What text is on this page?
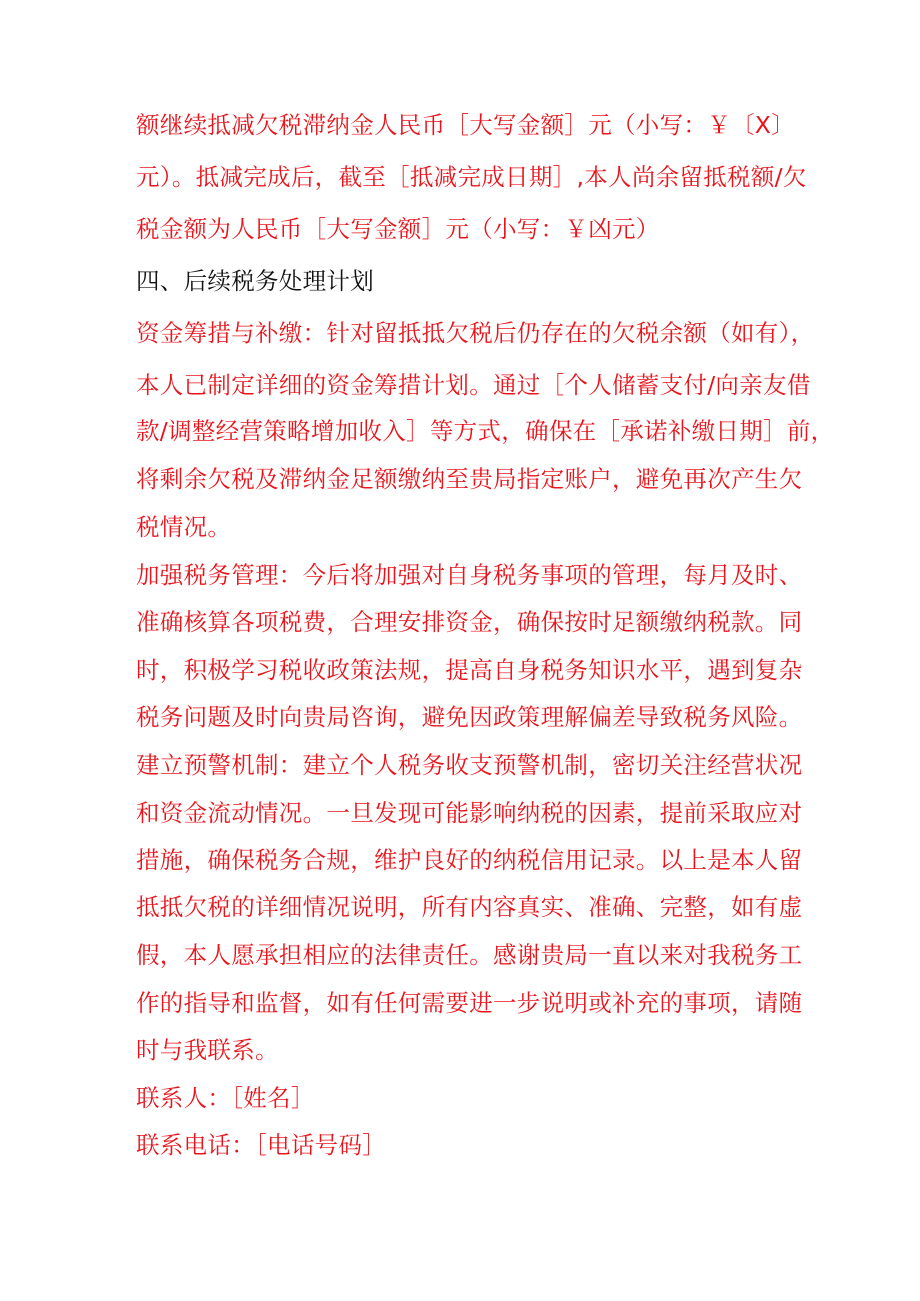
额继续抵减欠税滞纳金人民币［大写金额］元（小写：￥〔X〕
元）。抵减完成后，截至［抵减完成日期］,本人尚余留抵税额/欠
税金额为人民币［大写金额］元（小写：￥凶元）
四、后续税务处理计划
资金筹措与补缴：针对留抵抵欠税后仍存在的欠税余额（如有），
本人已制定详细的资金筹措计划。通过［个人储蓄支付/向亲友借
款/调整经营策略增加收入］等方式，确保在［承诺补缴日期］前，
将剩余欠税及滞纳金足额缴纳至贵局指定账户，避免再次产生欠
税情况。
加强税务管理：今后将加强对自身税务事项的管理，每月及时、
准确核算各项税费，合理安排资金，确保按时足额缴纳税款。同
时，积极学习税收政策法规，提高自身税务知识水平，遇到复杂
税务问题及时向贵局咨询，避免因政策理解偏差导致税务风险。
建立预警机制：建立个人税务收支预警机制，密切关注经营状况
和资金流动情况。一旦发现可能影响纳税的因素，提前采取应对
措施，确保税务合规，维护良好的纳税信用记录。以上是本人留
抵抵欠税的详细情况说明，所有内容真实、准确、完整，如有虚
假，本人愿承担相应的法律责任。感谢贵局一直以来对我税务工
作的指导和监督，如有任何需要进一步说明或补充的事项，请随
时与我联系。
联系人：［姓名］
联系电话：［电话号码］
